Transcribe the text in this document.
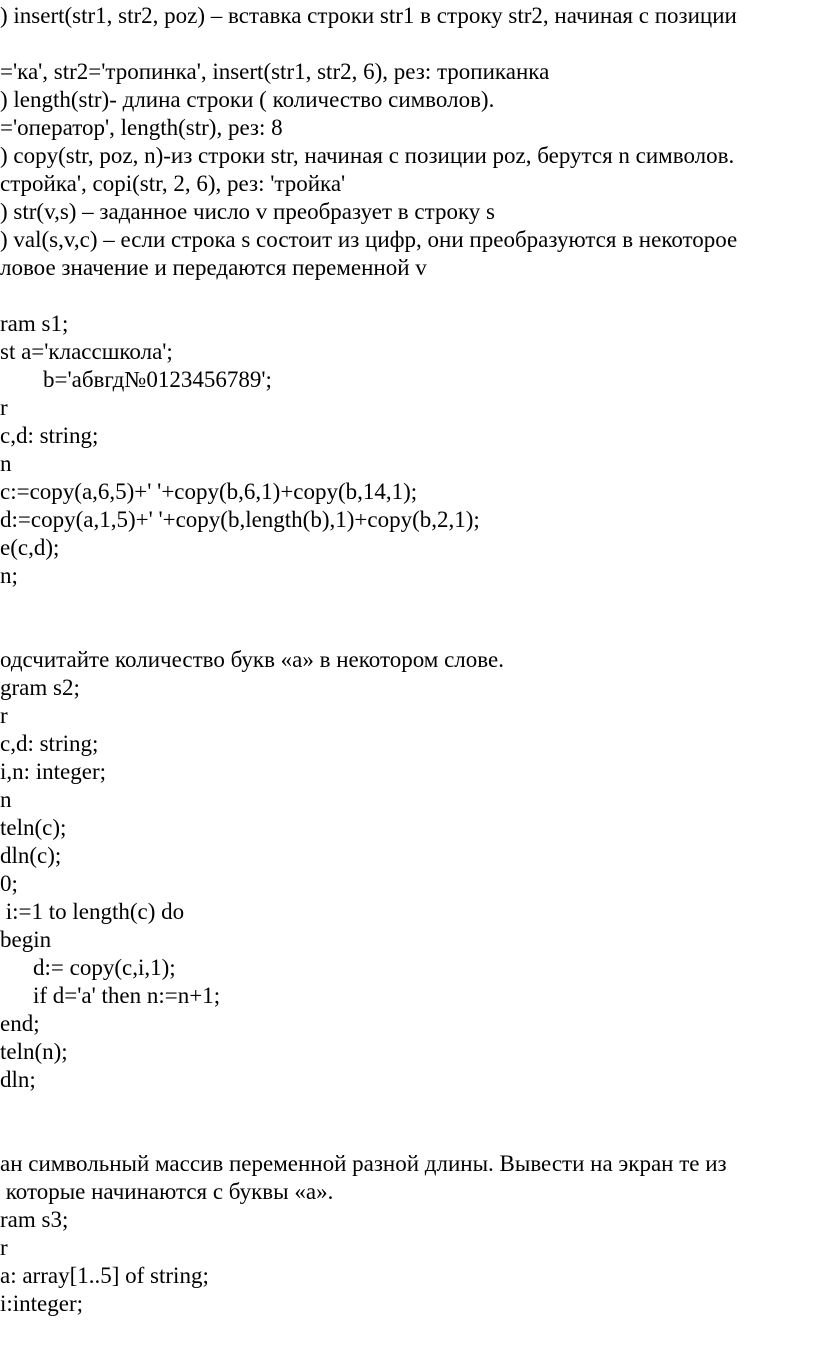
) insert(str1, str2, poz) – вставка строки str1 в строку str2, начиная с позиции
='ка', str2='тропинка', insert(str1, str2, 6), рез: тропиканка
) length(str)- длина строки ( количество символов).
='оператор', length(str), рез: 8
) copy(str, poz, n)-из строки str, начиная с позиции poz, берутся n символов.
стройка', copi(str, 2, 6), рез: 'тройка'
) str(v,s) – заданное число v преобразует в строку s
) val(s,v,c) – если строка s состоит из цифр, они преобразуются в некоторое
ловое значение и передаются переменной v
ram s1;
st a='классшкола';
b='абвгд№0123456789';
r
c,d: string;
n
c:=copy(a,6,5)+' '+copy(b,6,1)+copy(b,14,1);
d:=copy(a,1,5)+' '+copy(b,length(b),1)+copy(b,2,1);
e(c,d);
n;
одсчитайте количество букв «а» в некотором слове.
gram s2;
r
c,d: string;
i,n: integer;
n
teln(c);
dln(c);
0;
i:=1 to length(c) do
begin
d:= copy(c,i,1);
if d='a' then n:=n+1;
end;
teln(n);
dln;
ан символьный массив переменной разной длины. Вывести на экран те из
которые начинаются с буквы «а».
ram s3;
r
a: array[1..5] of string;
i:integer;
